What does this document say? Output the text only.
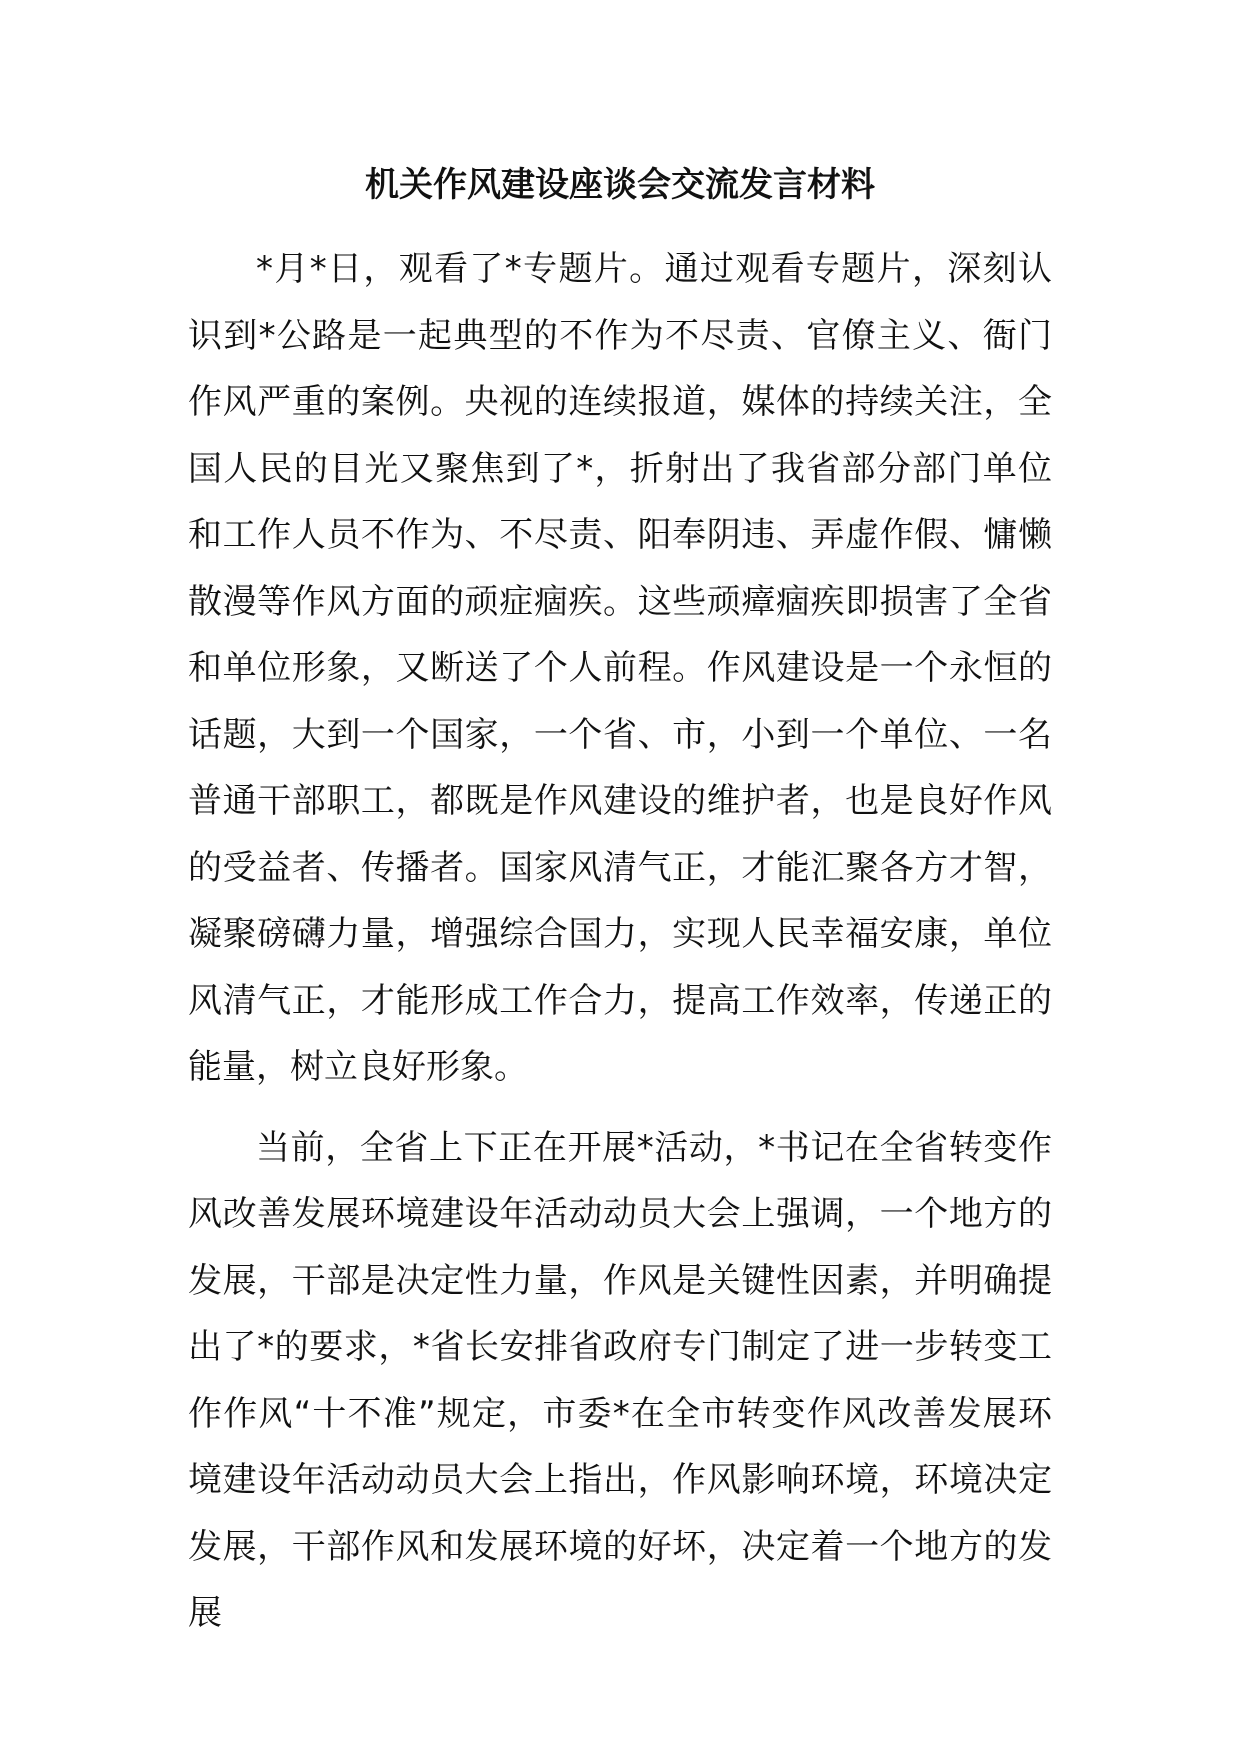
机关作风建设座谈会交流发言材料

*月*日，观看了*专题片。通过观看专题片，深刻认识到*公路是一起典型的不作为不尽责、官僚主义、衙门作风严重的案例。央视的连续报道，媒体的持续关注，全国人民的目光又聚焦到了*，折射出了我省部分部门单位和工作人员不作为、不尽责、阳奉阴违、弄虚作假、慵懒散漫等作风方面的顽症痼疾。这些顽瘴痼疾即损害了全省和单位形象，又断送了个人前程。作风建设是一个永恒的话题，大到一个国家，一个省、市，小到一个单位、一名普通干部职工，都既是作风建设的维护者，也是良好作风的受益者、传播者。国家风清气正，才能汇聚各方才智，凝聚磅礴力量，增强综合国力，实现人民幸福安康，单位风清气正，才能形成工作合力，提高工作效率，传递正的能量，树立良好形象。

当前，全省上下正在开展*活动，*书记在全省转变作风改善发展环境建设年活动动员大会上强调，一个地方的发展，干部是决定性力量，作风是关键性因素，并明确提出了*的要求，*省长安排省政府专门制定了进一步转变工作作风“十不准”规定，市委*在全市转变作风改善发展环境建设年活动动员大会上指出，作风影响环境，环境决定发展，干部作风和发展环境的好坏，决定着一个地方的发展
